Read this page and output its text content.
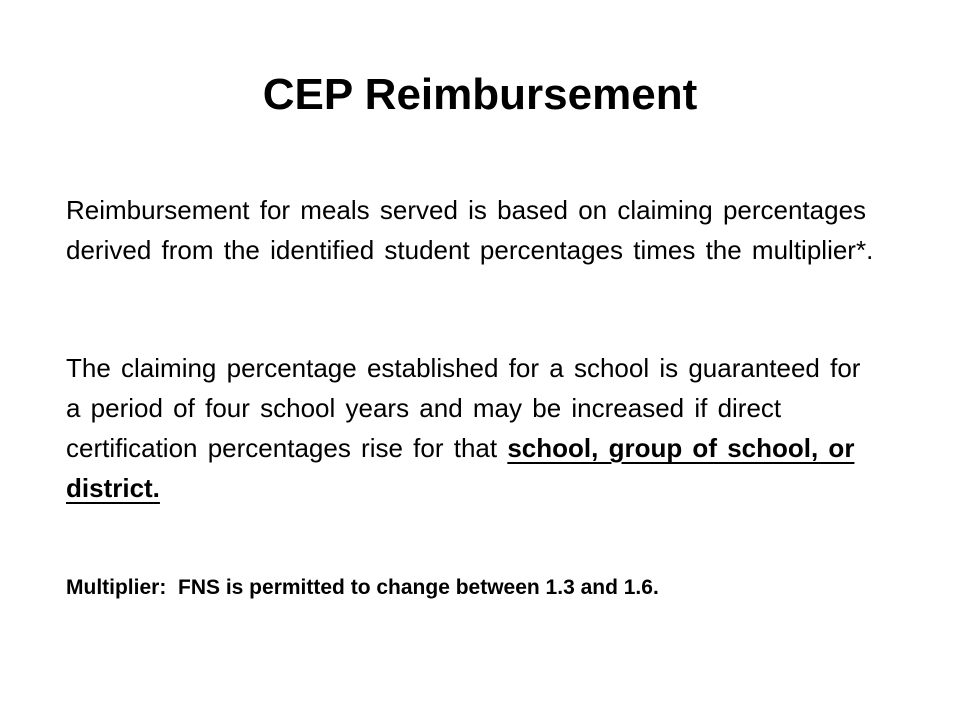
CEP Reimbursement

Reimbursement for meals served is based on claiming percentages derived from the identified student percentages times the multiplier*.

The claiming percentage established for a school is guaranteed for a period of four school years and may be increased if direct certification percentages rise for that school, group of school, or district.

Multiplier: FNS is permitted to change between 1.3 and 1.6.
